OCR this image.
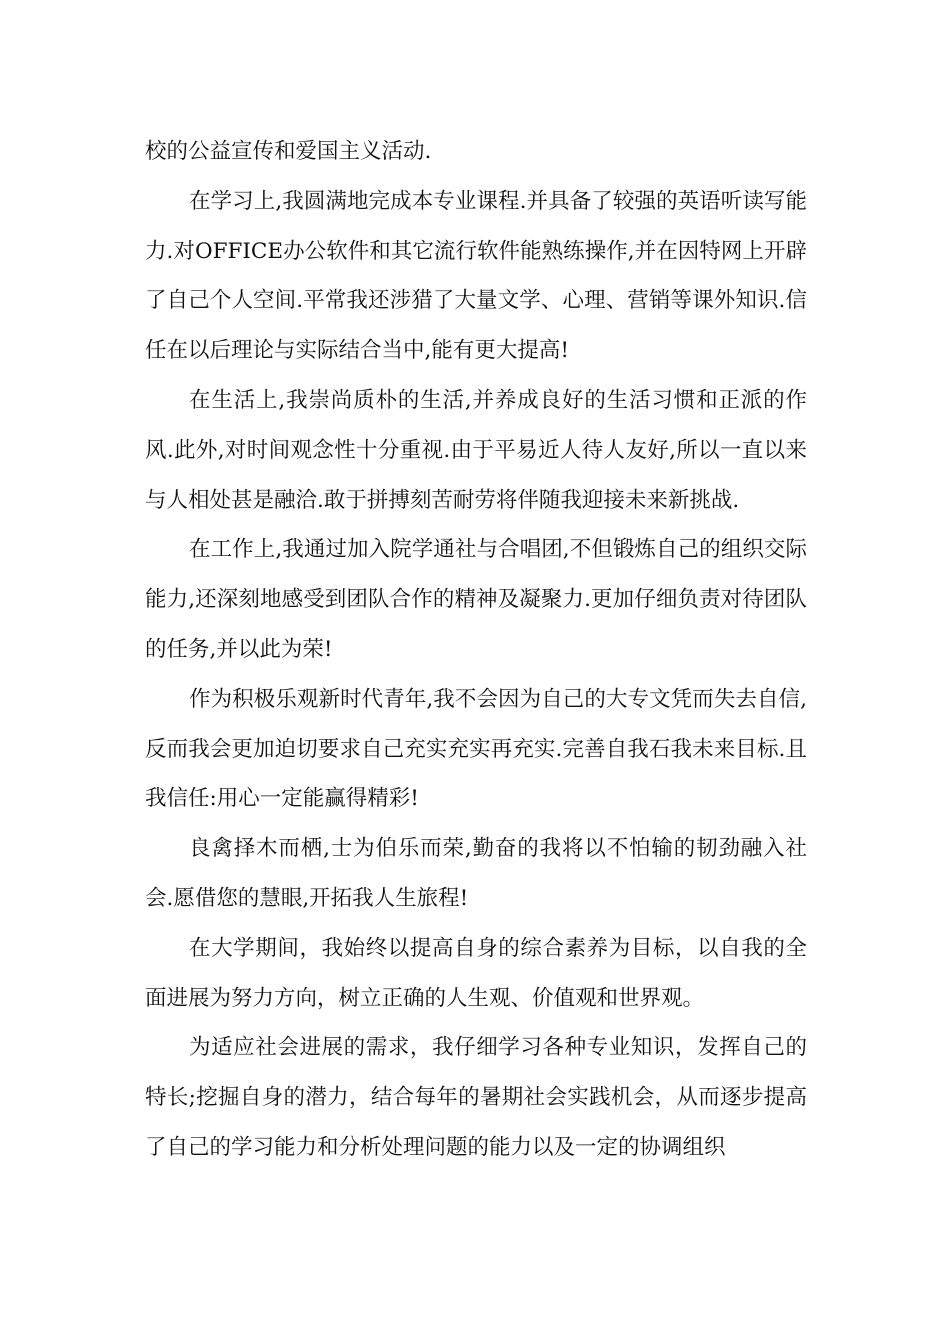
校的公益宣传和爱国主义活动.

在学习上,我圆满地完成本专业课程.并具备了较强的英语听读写能力.对OFFICE办公软件和其它流行软件能熟练操作,并在因特网上开辟了自己个人空间.平常我还涉猎了大量文学、心理、营销等课外知识.信任在以后理论与实际结合当中,能有更大提高!

在生活上,我崇尚质朴的生活,并养成良好的生活习惯和正派的作风.此外,对时间观念性十分重视.由于平易近人待人友好,所以一直以来与人相处甚是融洽.敢于拼搏刻苦耐劳将伴随我迎接未来新挑战.

在工作上,我通过加入院学通社与合唱团,不但锻炼自己的组织交际能力,还深刻地感受到团队合作的精神及凝聚力.更加仔细负责对待团队的任务,并以此为荣!

作为积极乐观新时代青年,我不会因为自己的大专文凭而失去自信,反而我会更加迫切要求自己充实充实再充实.完善自我石我未来目标.且我信任:用心一定能赢得精彩!

良禽择木而栖,士为伯乐而荣,勤奋的我将以不怕输的韧劲融入社会.愿借您的慧眼,开拓我人生旅程!

在大学期间，我始终以提高自身的综合素养为目标，以自我的全面进展为努力方向，树立正确的人生观、价值观和世界观。

为适应社会进展的需求，我仔细学习各种专业知识，发挥自己的特长;挖掘自身的潜力，结合每年的暑期社会实践机会，从而逐步提高了自己的学习能力和分析处理问题的能力以及一定的协调组织
